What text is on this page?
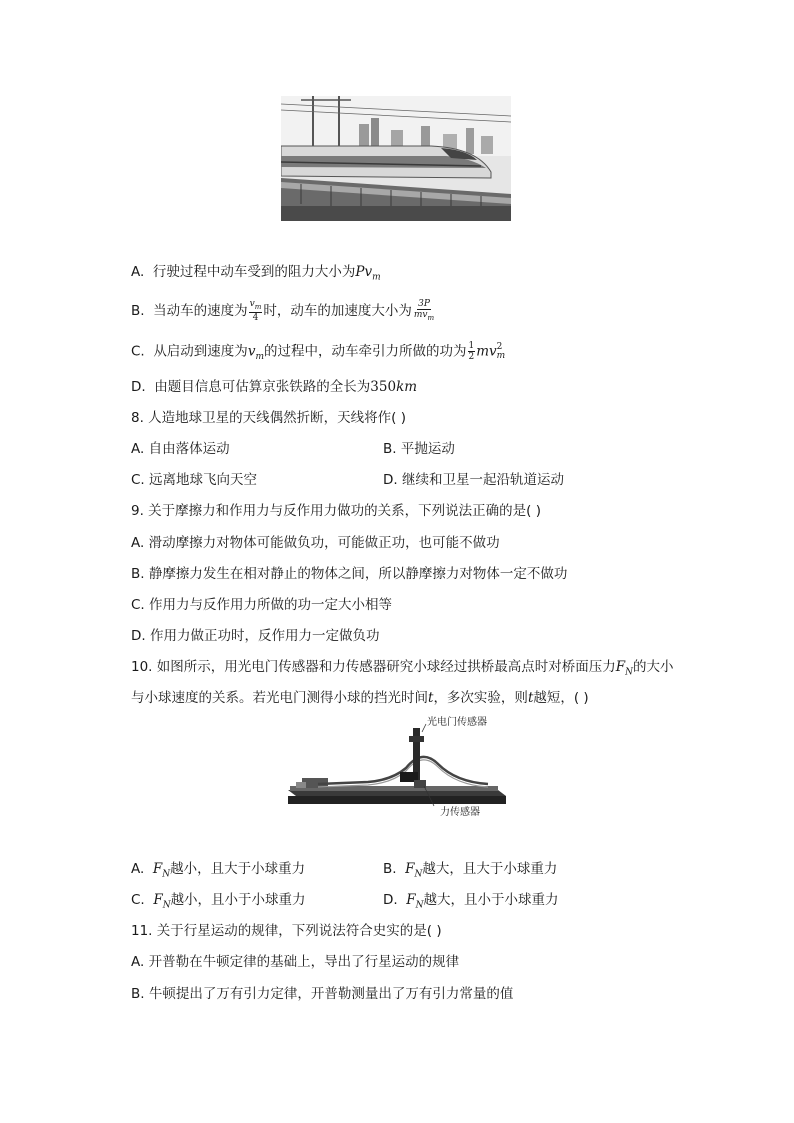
A. 行驶过程中动车受到的阻力大小为$Pv_m$
B. 当动车的速度为 $\frac{v_m}{4}$ 时，动车的加速度大小为 $\frac{3P}{mv_m}$
C. 从启动到速度为$v_m$的过程中，动车牵引力所做的功为 $\frac{1}{2}$ mv 2
m
D. 由题目信息可估算京张铁路的全长为350km
8. 人造地球卫星的天线偶然折断，天线将作( )
A. 自由落体运动	B. 平抛运动
C. 远离地球飞向天空	D. 继续和卫星一起沿轨道运动
9. 关于摩擦力和作用力与反作用力做功的关系，下列说法正确的是( )
A. 滑动摩擦力对物体可能做负功，可能做正功，也可能不做功
B. 静摩擦力发生在相对静止的物体之间，所以静摩擦力对物体一定不做功
C. 作用力与反作用力所做的功一定大小相等
D. 作用力做正功时，反作用力一定做负功
10. 如图所示，用光电门传感器和力传感器研究小球经过拱桥最高点时对桥面压力$F_N$的大小
与小球速度的关系。若光电门测得小球的挡光时间t，多次实验，则t越短，( )
光电门传感器
力传感器
A. $F_N$越小，且大于小球重力	B. $F_N$越大，且大于小球重力
C. $F_N$越小，且小于小球重力	D. $F_N$越大，且小于小球重力
11. 关于行星运动的规律，下列说法符合史实的是( )
A. 开普勒在牛顿定律的基础上，导出了行星运动的规律
B. 牛顿提出了万有引力定律，开普勒测量出了万有引力常量的值
